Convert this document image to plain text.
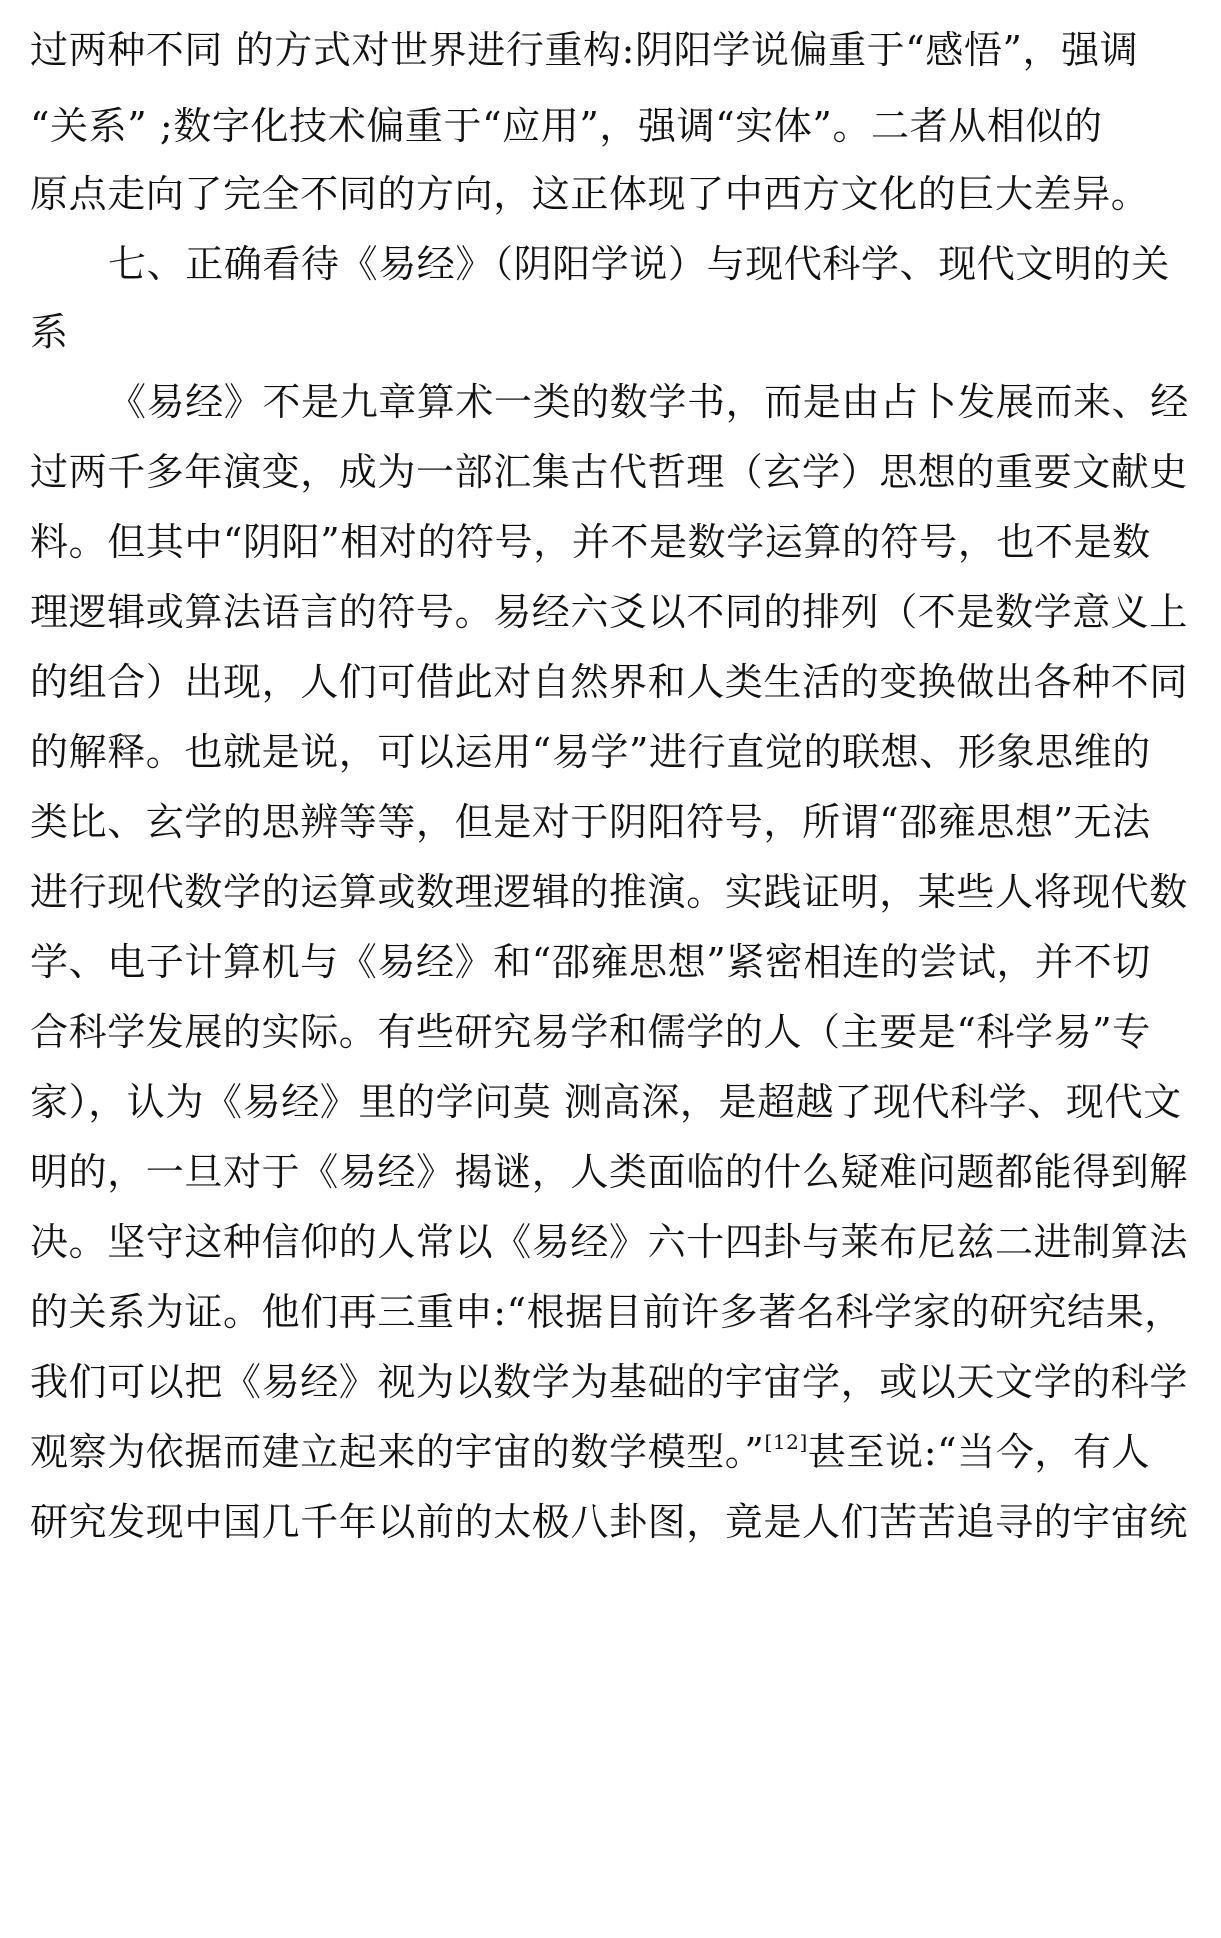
过两种不同 的方式对世界进行重构:阴阳学说偏重于“感悟”，强调
“关系” ;数字化技术偏重于“应用”，强调“实体”。二者从相似的
原点走向了完全不同的方向，这正体现了中西方文化的巨大差异。
七、正确看待《易经》（阴阳学说）与现代科学、现代文明的关
系
《易经》不是九章算术一类的数学书，而是由占卜发展而来、经
过两千多年演变，成为一部汇集古代哲理（玄学）思想的重要文献史
料。但其中“阴阳”相对的符号，并不是数学运算的符号，也不是数
理逻辑或算法语言的符号。易经六爻以不同的排列（不是数学意义上
的组合）出现，人们可借此对自然界和人类生活的变换做出各种不同
的解释。也就是说，可以运用“易学”进行直觉的联想、形象思维的
类比、玄学的思辨等等，但是对于阴阳符号，所谓“邵雍思想”无法
进行现代数学的运算或数理逻辑的推演。实践证明，某些人将现代数
学、电子计算机与《易经》和“邵雍思想”紧密相连的尝试，并不切
合科学发展的实际。有些研究易学和儒学的人（主要是“科学易”专
家），认为《易经》里的学问莫 测高深，是超越了现代科学、现代文
明的，一旦对于《易经》揭谜，人类面临的什么疑难问题都能得到解
决。坚守这种信仰的人常以《易经》六十四卦与莱布尼兹二进制算法
的关系为证。他们再三重申:“根据目前许多著名科学家的研究结果，
我们可以把《易经》视为以数学为基础的宇宙学，或以天文学的科学
观察为依据而建立起来的宇宙的数学模型。”[12]甚至说:“当今，有人
研究发现中国几千年以前的太极八卦图，竟是人们苦苦追寻的宇宙统
